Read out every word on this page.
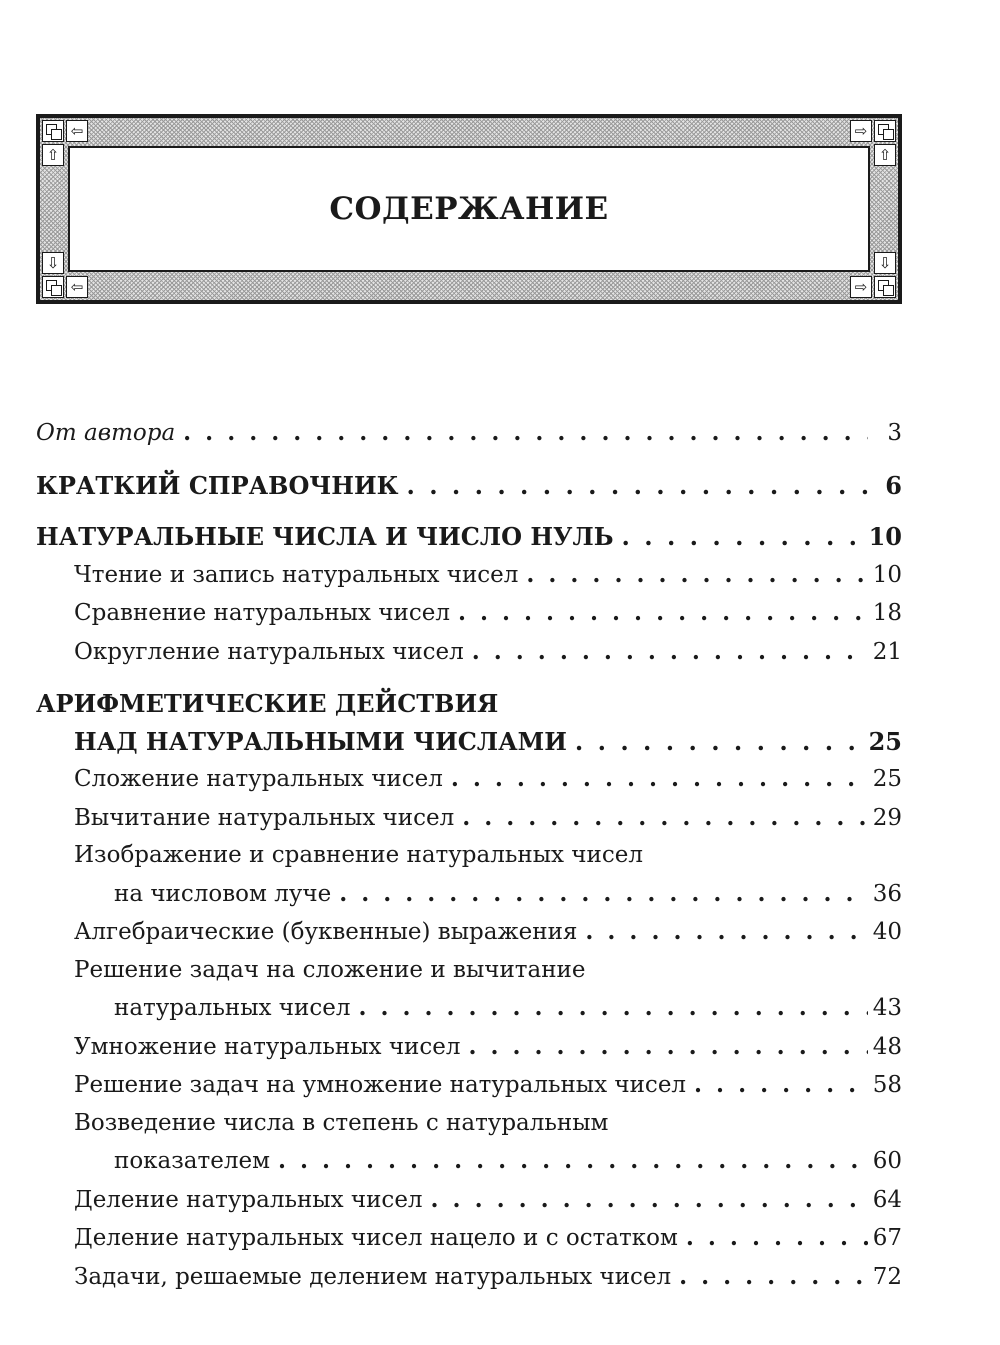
⇦
⇧
⇨
⇧
⇩
⇦
⇩
⇨
СОДЕРЖАНИЕ
От автора . . .	3
КРАТКИЙ СПРАВОЧНИК . . .	6
НАТУРАЛЬНЫЕ ЧИСЛА И ЧИСЛО НУЛЬ . . .	10
Чтение и запись натуральных чисел . . .	10
Сравнение натуральных чисел . . .	18
Округление натуральных чисел . . .	21
АРИФМЕТИЧЕСКИЕ ДЕЙСТВИЯ
НАД НАТУРАЛЬНЫМИ ЧИСЛАМИ . . .	25
Сложение натуральных чисел . . .	25
Вычитание натуральных чисел . . .	29
Изображение и сравнение натуральных чисел
на числовом луче . . .	36
Алгебраические (буквенные) выражения . . .	40
Решение задач на сложение и вычитание
натуральных чисел . . .	43
Умножение натуральных чисел . . .	48
Решение задач на умножение натуральных чисел . . .	58
Возведение числа в степень с натуральным
показателем . . .	60
Деление натуральных чисел . . .	64
Деление натуральных чисел нацело и с остатком . . .	67
Задачи, решаемые делением натуральных чисел . . .	72
